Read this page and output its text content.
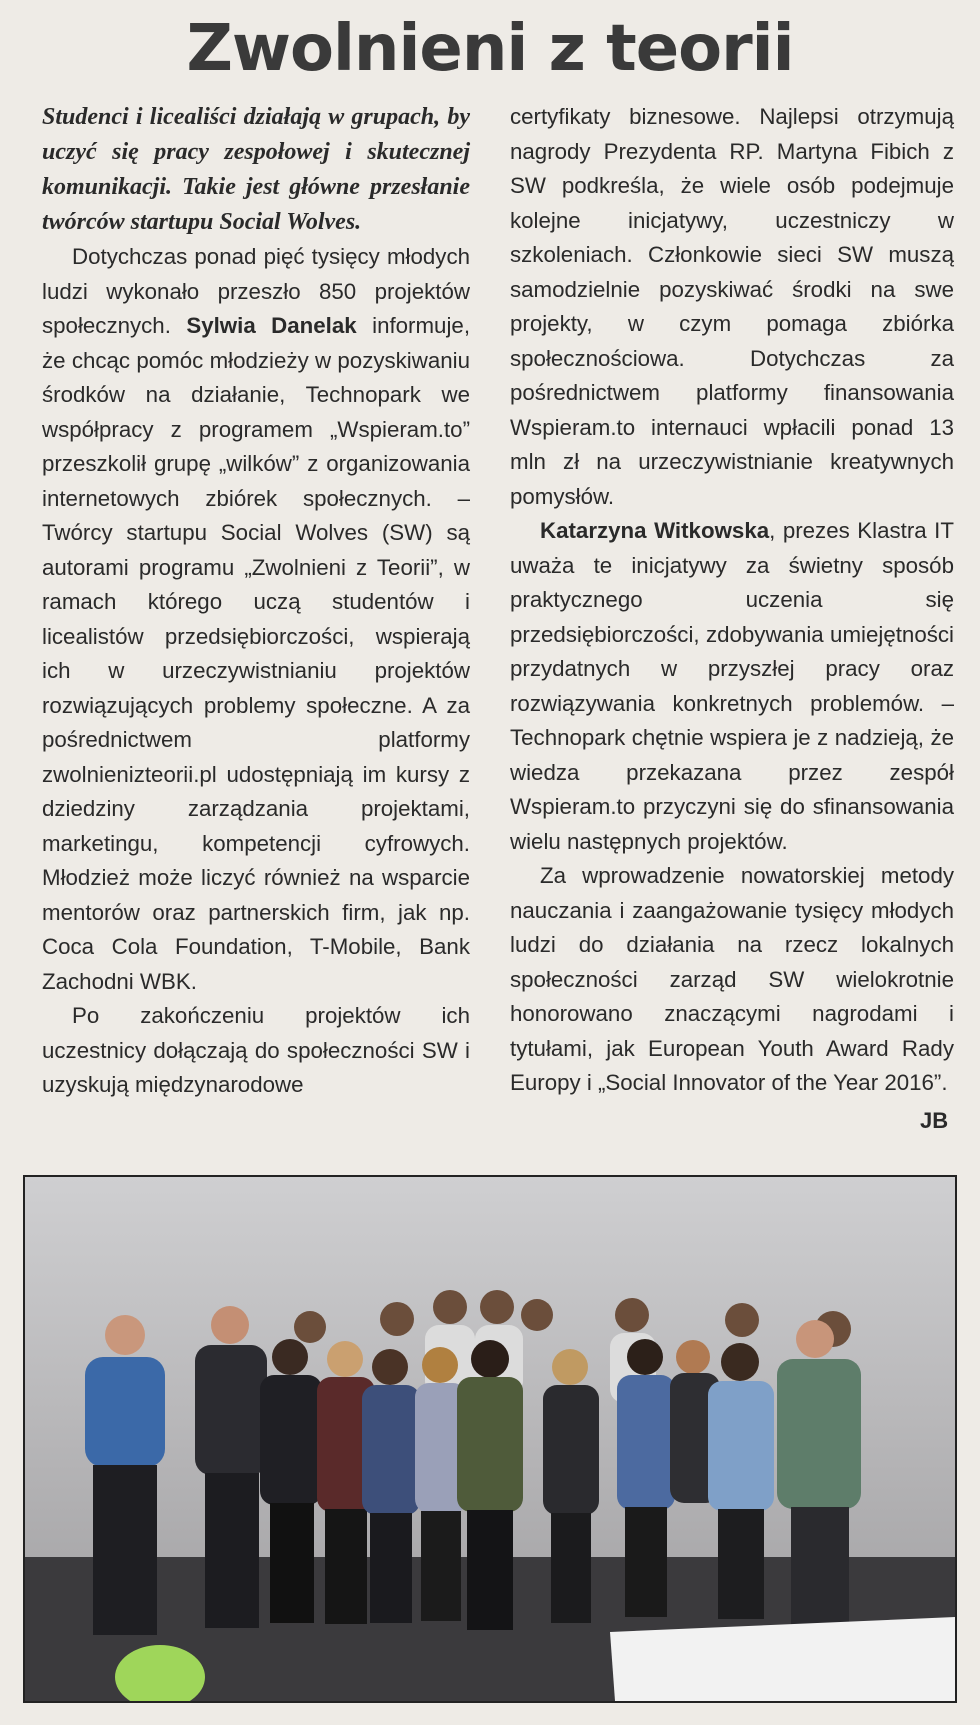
Zwolnieni z teorii

Studenci i licealiści działają w grupach, by uczyć się pracy zespołowej i skutecznej komunikacji. Takie jest główne przesłanie twórców startupu Social Wolves.

Dotychczas ponad pięć tysięcy młodych ludzi wykonało przeszło 850 projektów społecznych. Sylwia Danelak informuje, że chcąc pomóc młodzieży w pozyskiwaniu środków na działanie, Technopark we współpracy z programem „Wspieram.to” przeszkolił grupę „wilków” z organizowania internetowych zbiórek społecznych. – Twórcy startupu Social Wolves (SW) są autorami programu „Zwolnieni z Teorii”, w ramach którego uczą studentów i licealistów przedsiębiorczości, wspierają ich w urzeczywistnianiu projektów rozwiązujących problemy społeczne. A za pośrednictwem platformy zwolnienizteorii.pl udostępniają im kursy z dziedziny zarządzania projektami, marketingu, kompetencji cyfrowych. Młodzież może liczyć również na wsparcie mentorów oraz partnerskich firm, jak np. Coca Cola Foundation, T-Mobile, Bank Zachodni WBK.

Po zakończeniu projektów ich uczestnicy dołączają do społeczności SW i uzyskują międzynarodowe

certyfikaty biznesowe. Najlepsi otrzymują nagrody Prezydenta RP. Martyna Fibich z SW podkreśla, że wiele osób podejmuje kolejne inicjatywy, uczestniczy w szkoleniach. Członkowie sieci SW muszą samodzielnie pozyskiwać środki na swe projekty, w czym pomaga zbiórka społecznościowa. Dotychczas za pośrednictwem platformy finansowania Wspieram.to internauci wpłacili ponad 13 mln zł na urzeczywistnianie kreatywnych pomysłów.

Katarzyna Witkowska, prezes Klastra IT uważa te inicjatywy za świetny sposób praktycznego uczenia się przedsiębiorczości, zdobywania umiejętności przydatnych w przyszłej pracy oraz rozwiązywania konkretnych problemów. – Technopark chętnie wspiera je z nadzieją, że wiedza przekazana przez zespół Wspieram.to przyczyni się do sfinansowania wielu następnych projektów.

Za wprowadzenie nowatorskiej metody nauczania i zaangażowanie tysięcy młodych ludzi do działania na rzecz lokalnych społeczności zarząd SW wielokrotnie honorowano znaczącymi nagrodami i tytułami, jak European Youth Award Rady Europy i „Social Innovator of the Year 2016”.

JB
